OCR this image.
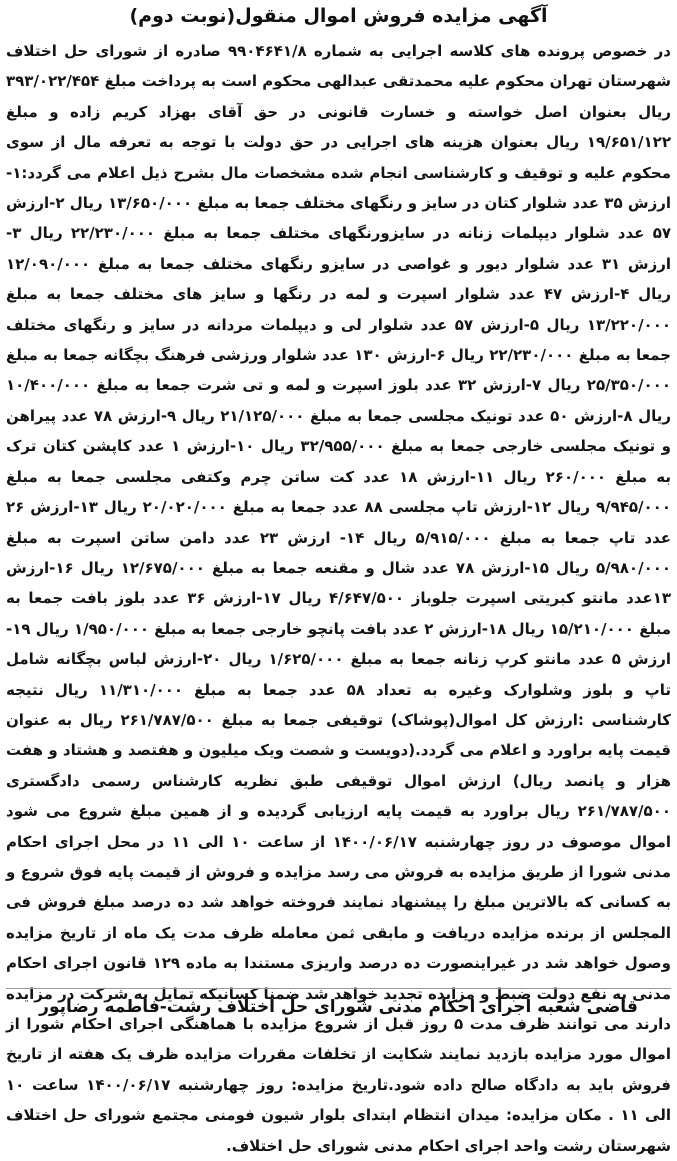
آگهی مزایده فروش اموال منقول(نوبت دوم)

در خصوص پرونده های کلاسه اجرایی به شماره ۹۹۰۴۶۴۱/۸ صادره از شورای حل اختلاف شهرستان تهران محکوم علیه محمدتقی عبدالهی محکوم است به پرداخت مبلغ ۳۹۳/۰۲۲/۴۵۴ ریال بعنوان اصل خواسته و خسارت قانونی در حق آقای بهزاد کریم زاده و مبلغ ۱۹/۶۵۱/۱۲۲ ریال بعنوان هزینه های اجرایی در حق دولت با توجه به تعرفه مال از سوی محکوم علیه و توقیف و کارشناسی انجام شده مشخصات مال بشرح ذیل اعلام می گردد:۱-ارزش ۳۵ عدد شلوار کتان در سایز و رنگهای مختلف جمعا به مبلغ ۱۳/۶۵۰/۰۰۰ ریال ۲-ارزش ۵۷ عدد شلوار دیپلمات زنانه در سایزورنگهای مختلف جمعا به مبلغ ۲۲/۲۳۰/۰۰۰ ریال ۳-ارزش ۳۱ عدد شلوار دیور و غواصی در سایزو رنگهای مختلف جمعا به مبلغ ۱۲/۰۹۰/۰۰۰ ریال ۴-ارزش ۴۷ عدد شلوار اسپرت و لمه در رنگها و سایز های مختلف جمعا به مبلغ ۱۳/۲۲۰/۰۰۰ ریال ۵-ارزش ۵۷ عدد شلوار لی و دیپلمات مردانه در سایز و رنگهای مختلف جمعا به مبلغ ۲۲/۲۳۰/۰۰۰ ریال ۶-ارزش ۱۳۰ عدد شلوار ورزشی فرهنگ بچگانه جمعا به مبلغ ۲۵/۳۵۰/۰۰۰ ریال ۷-ارزش ۳۲ عدد بلوز اسپرت و لمه و تی شرت جمعا به مبلغ ۱۰/۴۰۰/۰۰۰ ریال ۸-ارزش ۵۰ عدد تونیک مجلسی جمعا به مبلغ ۲۱/۱۲۵/۰۰۰ ریال ۹-ارزش ۷۸ عدد پیراهن و تونیک مجلسی خارجی جمعا به مبلغ ۳۲/۹۵۵/۰۰۰ ریال ۱۰-ارزش ۱ عدد کاپشن کتان ترک به مبلغ ۲۶۰/۰۰۰ ریال ۱۱-ارزش ۱۸ عدد کت ساتن چرم وکتفی مجلسی جمعا به مبلغ ۹/۹۴۵/۰۰۰ ریال ۱۲-ارزش تاپ مجلسی ۸۸ عدد جمعا به مبلغ ۲۰/۰۲۰/۰۰۰ ریال ۱۳-ارزش ۲۶ عدد تاپ جمعا به مبلغ ۵/۹۱۵/۰۰۰ ریال ۱۴- ارزش ۲۳ عدد دامن ساتن اسپرت به مبلغ ۵/۹۸۰/۰۰۰ ریال ۱۵-ارزش ۷۸ عدد شال و مقنعه جمعا به مبلغ ۱۲/۶۷۵/۰۰۰ ریال ۱۶-ارزش ۱۳عدد مانتو کبریتی اسپرت جلوباز ۴/۶۴۷/۵۰۰ ریال ۱۷-ارزش ۳۶ عدد بلوز بافت جمعا به مبلغ ۱۵/۲۱۰/۰۰۰ ریال ۱۸-ارزش ۲ عدد بافت پانچو خارجی جمعا به مبلغ ۱/۹۵۰/۰۰۰ ریال ۱۹-ارزش ۵ عدد مانتو کرپ زنانه جمعا به مبلغ ۱/۶۲۵/۰۰۰ ریال ۲۰-ارزش لباس بچگانه شامل تاپ و بلوز وشلوارک وغیره به تعداد ۵۸ عدد جمعا به مبلغ ۱۱/۳۱۰/۰۰۰ ریال نتیجه کارشناسی :ارزش کل اموال(پوشاک) توقیفی جمعا به مبلغ ۲۶۱/۷۸۷/۵۰۰ ریال به عنوان قیمت پایه براورد و اعلام می گردد.(دویست و شصت ویک میلیون و هفتصد و هشتاد و هفت هزار و پانصد ریال) ارزش اموال توقیفی طبق نظریه کارشناس رسمی دادگستری ۲۶۱/۷۸۷/۵۰۰ ریال براورد به قیمت پایه ارزیابی گردیده و از همین مبلغ شروع می شود اموال موصوف در روز چهارشنبه ۱۴۰۰/۰۶/۱۷ از ساعت ۱۰ الی ۱۱ در محل اجرای احکام مدنی شورا از طریق مزایده به فروش می رسد مزایده و فروش از قیمت پایه فوق شروع و به کسانی که بالاترین مبلغ را پیشنهاد نمایند فروخته خواهد شد ده درصد مبلغ فروش فی المجلس از برنده مزایده دریافت و مابقی ثمن معامله ظرف مدت یک ماه از تاریخ مزایده وصول خواهد شد در غیراینصورت ده درصد واریزی مستندا به ماده ۱۲۹ قانون اجرای احکام مدنی به نفع دولت ضبط و مزایده تجدید خواهد شد ضمنا کسانیکه تمایل به شرکت در مزایده دارند می توانند ظرف مدت ۵ روز قبل از شروع مزایده با هماهنگی اجرای احکام شورا از اموال مورد مزایده بازدید نمایند شکایت از تخلفات مقررات مزایده ظرف یک هفته از تاریخ فروش باید به دادگاه صالح داده شود.تاریخ مزایده: روز چهارشنبه ۱۴۰۰/۰۶/۱۷ ساعت ۱۰ الی ۱۱ . مکان مزایده: میدان انتظام ابتدای بلوار شیون فومنی مجتمع شورای حل اختلاف شهرستان رشت واحد اجرای احکام مدنی شورای حل اختلاف.

قاضی شعبه اجرای احکام مدنی شورای حل اختلاف رشت-فاطمه رضاپور
